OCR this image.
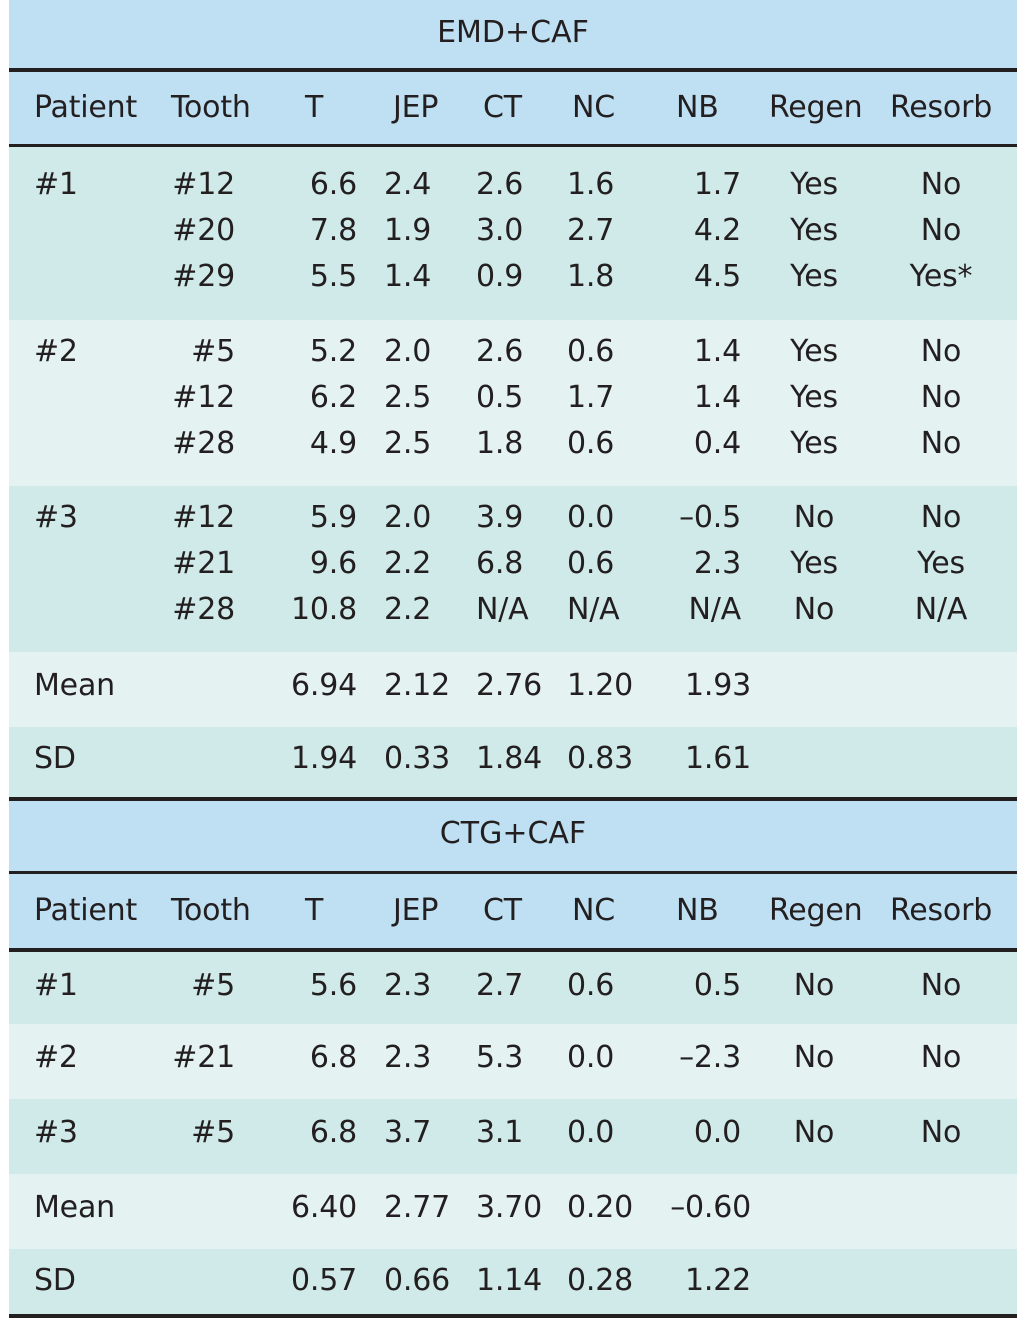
EMD+CAF
Patient Tooth T JEP CT NC NB Regen Resorb
#1	#12	6.6 2.4 2.6 1.6	1.7	Yes	No
#20	7.8 1.9 3.0 2.7	4.2	Yes	No
#29	5.5 1.4 0.9 1.8	4.5	Yes	Yes*
#2	#5	5.2 2.0 2.6 0.6	1.4	Yes	No
#12	6.2 2.5 0.5 1.7	1.4	Yes	No
#28	4.9 2.5 1.8 0.6	0.4	Yes	No
#3	#12	5.9 2.0 3.9 0.0	–0.5	No	No
#21	9.6 2.2 6.8 0.6	2.3	Yes	Yes
#28	10.8 2.2 N/A N/A	N/A	No	N/A
Mean	6.94 2.12 2.76 1.20	1.93
SD	1.94 0.33 1.84 0.83	1.61
CTG+CAF
Patient Tooth T JEP CT NC NB Regen Resorb
#1	#5	5.6 2.3 2.7 0.6	0.5	No	No
#2	#21	6.8 2.3 5.3 0.0	–2.3	No	No
#3	#5	6.8 3.7 3.1 0.0	0.0	No	No
Mean	6.40 2.77 3.70 0.20	–0.60
SD	0.57 0.66 1.14 0.28	1.22
